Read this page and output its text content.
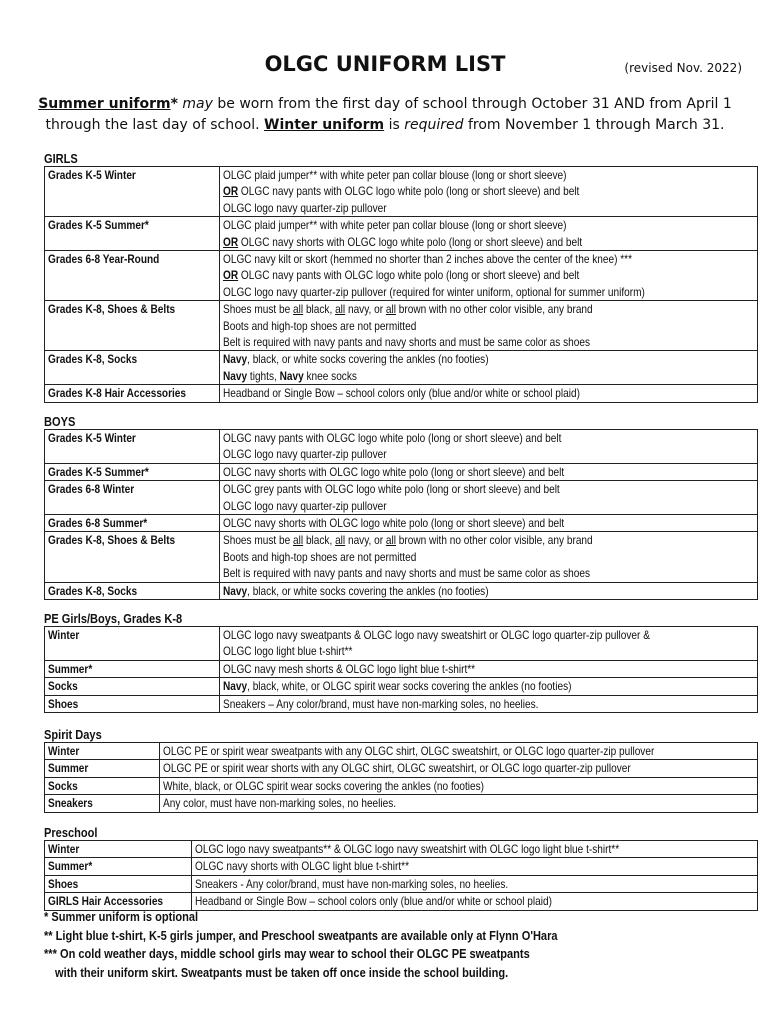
OLGC UNIFORM LIST	(revised Nov. 2022)
Summer uniform* may be worn from the first day of school through October 31 AND from April 1 through the last day of school. Winter uniform is required from November 1 through March 31.
GIRLS
Grades K-5 Winter	OLGC plaid jumper** with white peter pan collar blouse (long or short sleeve)
OR OLGC navy pants with OLGC logo white polo (long or short sleeve) and belt
OLGC logo navy quarter-zip pullover

Grades K-5 Summer*	OLGC plaid jumper** with white peter pan collar blouse (long or short sleeve)
OR OLGC navy shorts with OLGC logo white polo (long or short sleeve) and belt

Grades 6-8 Year-Round	OLGC navy kilt or skort (hemmed no shorter than 2 inches above the center of the knee) ***
OR OLGC navy pants with OLGC logo white polo (long or short sleeve) and belt
OLGC logo navy quarter-zip pullover (required for winter uniform, optional for summer uniform)

Grades K-8, Shoes & Belts	Shoes must be all black, all navy, or all brown with no other color visible, any brand
Boots and high-top shoes are not permitted
Belt is required with navy pants and navy shorts and must be same color as shoes

Grades K-8, Socks	Navy, black, or white socks covering the ankles (no footies)
Navy tights, Navy knee socks

Grades K-8 Hair Accessories	Headband or Single Bow – school colors only (blue and/or white or school plaid)
BOYS
Grades K-5 Winter	OLGC navy pants with OLGC logo white polo (long or short sleeve) and belt
OLGC logo navy quarter-zip pullover

Grades K-5 Summer*	OLGC navy shorts with OLGC logo white polo (long or short sleeve) and belt

Grades 6-8 Winter	OLGC grey pants with OLGC logo white polo (long or short sleeve) and belt
OLGC logo navy quarter-zip pullover

Grades 6-8 Summer*	OLGC navy shorts with OLGC logo white polo (long or short sleeve) and belt

Grades K-8, Shoes & Belts	Shoes must be all black, all navy, or all brown with no other color visible, any brand
Boots and high-top shoes are not permitted
Belt is required with navy pants and navy shorts and must be same color as shoes

Grades K-8, Socks	Navy, black, or white socks covering the ankles (no footies)
PE Girls/Boys, Grades K-8
Winter	OLGC logo navy sweatpants & OLGC logo navy sweatshirt or OLGC logo quarter-zip pullover &
OLGC logo light blue t-shirt**

Summer*	OLGC navy mesh shorts & OLGC logo light blue t-shirt**

Socks	Navy, black, white, or OLGC spirit wear socks covering the ankles (no footies)

Shoes	Sneakers – Any color/brand, must have non-marking soles, no heelies.
Spirit Days
Winter	OLGC PE or spirit wear sweatpants with any OLGC shirt, OLGC sweatshirt, or OLGC logo quarter-zip pullover

Summer	OLGC PE or spirit wear shorts with any OLGC shirt, OLGC sweatshirt, or OLGC logo quarter-zip pullover

Socks	White, black, or OLGC spirit wear socks covering the ankles (no footies)

Sneakers	Any color, must have non-marking soles, no heelies.
Preschool
Winter	OLGC logo navy sweatpants** & OLGC logo navy sweatshirt with OLGC logo light blue t-shirt**

Summer*	OLGC navy shorts with OLGC light blue t-shirt**

Shoes	Sneakers - Any color/brand, must have non-marking soles, no heelies.

GIRLS Hair Accessories	Headband or Single Bow – school colors only (blue and/or white or school plaid)
* Summer uniform is optional
** Light blue t-shirt, K-5 girls jumper, and Preschool sweatpants are available only at Flynn O'Hara
*** On cold weather days, middle school girls may wear to school their OLGC PE sweatpants
with their uniform skirt. Sweatpants must be taken off once inside the school building.
